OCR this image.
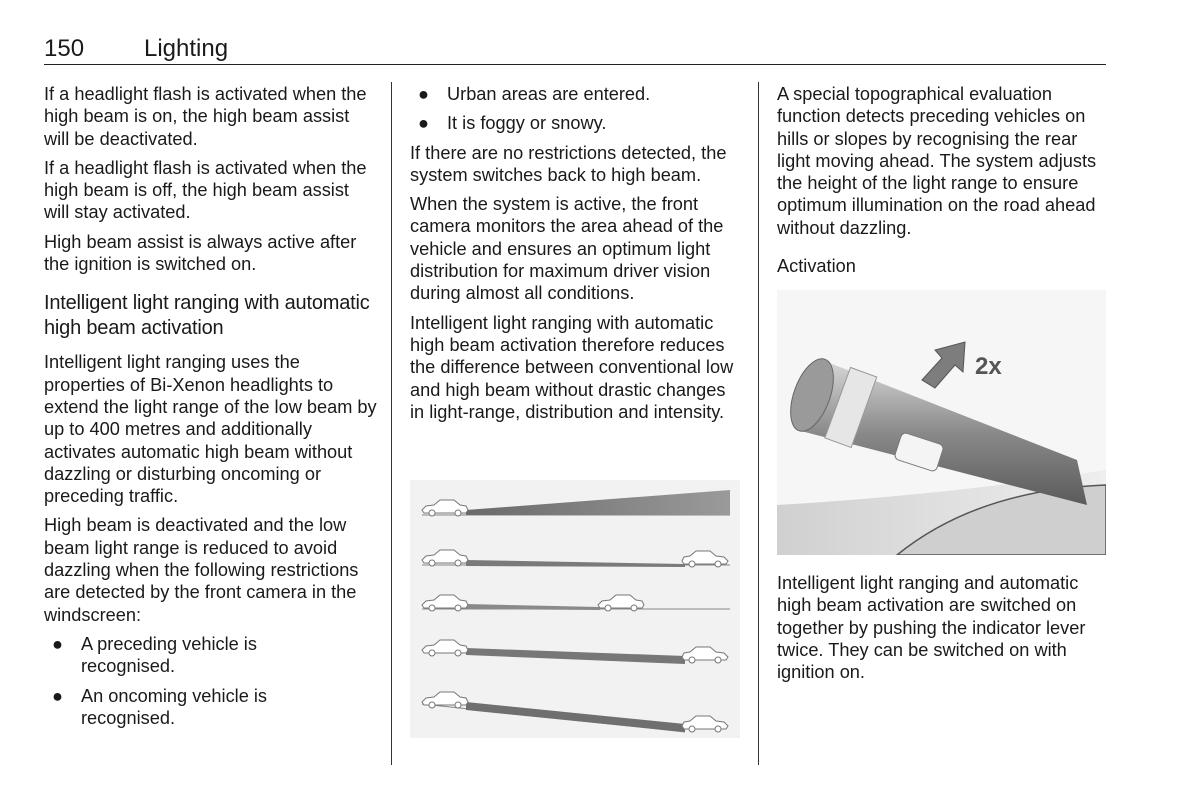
150 Lighting

If a headlight flash is activated when the high beam is on, the high beam assist will be deactivated.

If a headlight flash is activated when the high beam is off, the high beam assist will stay activated.

High beam assist is always active after the ignition is switched on.

Intelligent light ranging with automatic high beam activation

Intelligent light ranging uses the properties of Bi-Xenon headlights to extend the light range of the low beam by up to 400 metres and additionally activates automatic high beam without dazzling or disturbing oncoming or preceding traffic.

High beam is deactivated and the low beam light range is reduced to avoid dazzling when the following restrictions are detected by the front camera in the windscreen:

● A preceding vehicle is recognised.
● An oncoming vehicle is recognised.
● Urban areas are entered.
● It is foggy or snowy.

If there are no restrictions detected, the system switches back to high beam.

When the system is active, the front camera monitors the area ahead of the vehicle and ensures an optimum light distribution for maximum driver vision during almost all conditions.

Intelligent light ranging with automatic high beam activation therefore reduces the difference between conventional low and high beam without drastic changes in light-range, distribution and intensity.

A special topographical evaluation function detects preceding vehicles on hills or slopes by recognising the rear light moving ahead. The system adjusts the height of the light range to ensure optimum illumination on the road ahead without dazzling.

Activation
2x

Intelligent light ranging and automatic high beam activation are switched on together by pushing the indicator lever twice. They can be switched on with ignition on.
